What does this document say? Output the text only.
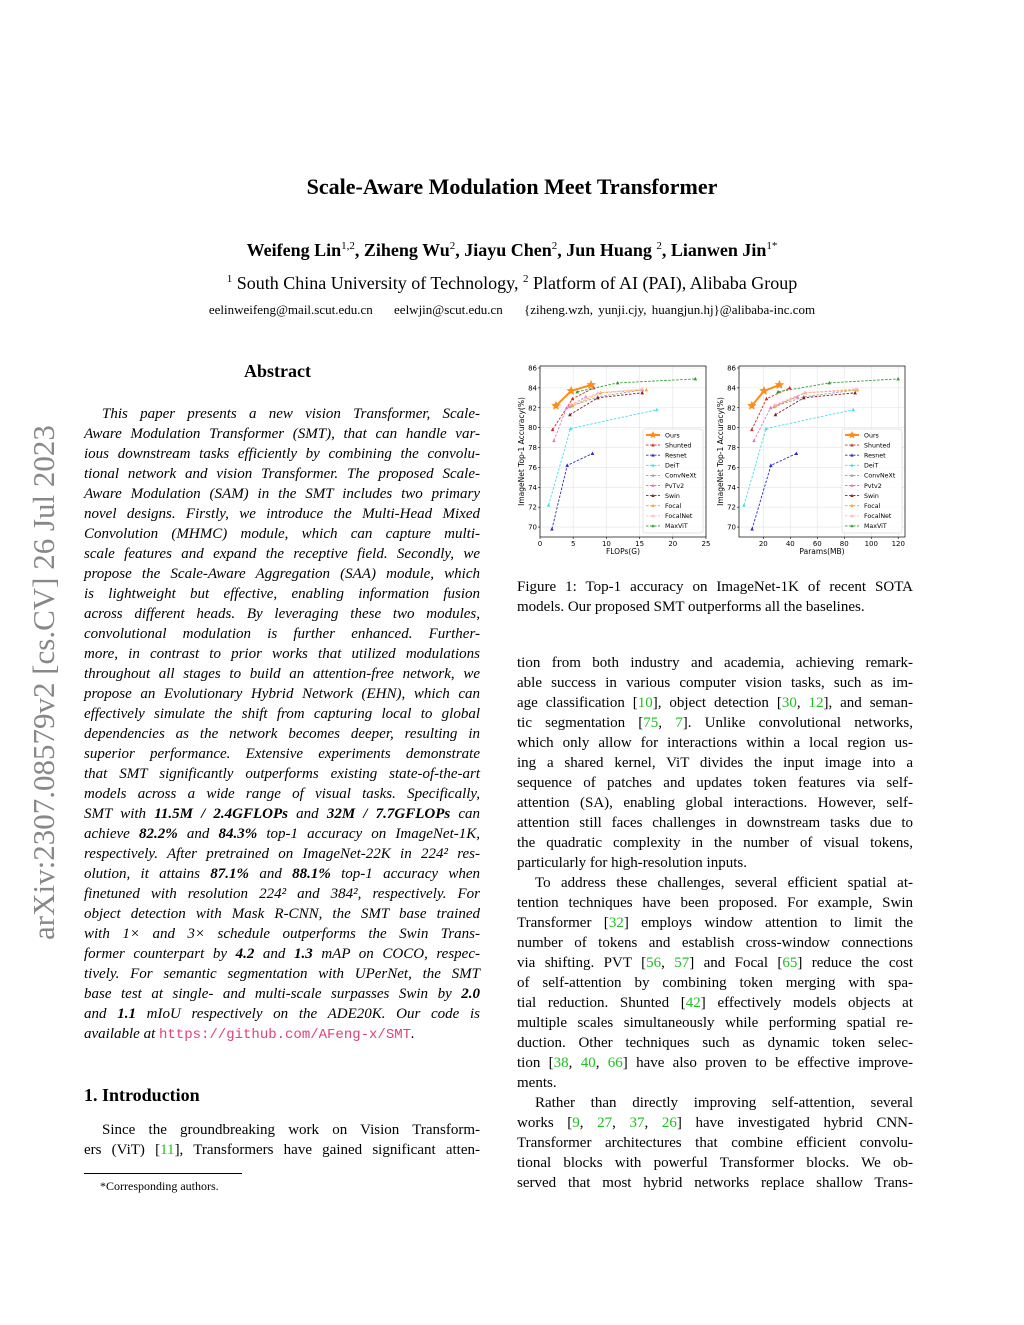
arXiv:2307.08579v2 [cs.CV] 26 Jul 2023
Scale-Aware Modulation Meet Transformer
Weifeng Lin$^{1,2}$, Ziheng Wu$^2$, Jiayu Chen$^2$, Jun Huang $^2$, Lianwen Jin$^{1*}$
$^1$ South China University of Technology, $^2$ Platform of AI (PAI), Alibaba Group
eelinweifeng@mail.scut.edu.cn eelwjin@scut.edu.cn {ziheng.wzh, yunji.cjy, huangjun.hj}@alibaba-inc.com
Abstract
This paper presents a new vision Transformer, Scale-
Aware Modulation Transformer (SMT), that can handle var-
ious downstream tasks efficiently by combining the convolu-
tional network and vision Transformer. The proposed Scale-
Aware Modulation (SAM) in the SMT includes two primary
novel designs. Firstly, we introduce the Multi-Head Mixed
Convolution (MHMC) module, which can capture multi-
scale features and expand the receptive field. Secondly, we
propose the Scale-Aware Aggregation (SAA) module, which
is lightweight but effective, enabling information fusion
across different heads. By leveraging these two modules,
convolutional modulation is further enhanced. Further-
more, in contrast to prior works that utilized modulations
throughout all stages to build an attention-free network, we
propose an Evolutionary Hybrid Network (EHN), which can
effectively simulate the shift from capturing local to global
dependencies as the network becomes deeper, resulting in
superior performance. Extensive experiments demonstrate
that SMT significantly outperforms existing state-of-the-art
models across a wide range of visual tasks. Specifically,
SMT with 11.5M / 2.4GFLOPs and 32M / 7.7GFLOPs can
achieve 82.2% and 84.3% top-1 accuracy on ImageNet-1K,
respectively. After pretrained on ImageNet-22K in 224² res-
olution, it attains 87.1% and 88.1% top-1 accuracy when
finetuned with resolution 224² and 384², respectively. For
object detection with Mask R-CNN, the SMT base trained
with 1× and 3× schedule outperforms the Swin Trans-
former counterpart by 4.2 and 1.3 mAP on COCO, respec-
tively. For semantic segmentation with UPerNet, the SMT
base test at single- and multi-scale surpasses Swin by 2.0
and 1.1 mIoU respectively on the ADE20K. Our code is
available at https://github.com/AFeng-x/SMT.
1. Introduction
Since the groundbreaking work on Vision Transform-
ers (ViT) [11], Transformers have gained significant atten-
*Corresponding authors.
0	5	10	15	20	25
70
72
74
76
78
80
82
84
86
FLOPs(G)
ImageNet Top-1 Accuracy(%)	Ours
Shunted
Resnet
DeiT
ConvNeXt
PvTv2
Swin
Focal
FocalNet
MaxViT
20	40	60	80 100 120
70
72
74
76
78
80
82
84
86
Params(MB)
ImageNet Top-1 Accuracy(%)	Ours
Shunted
Resnet
DeiT
ConvNeXt
Pvtv2
Swin
Focal
FocalNet
MaxViT
Figure 1: Top-1 accuracy on ImageNet-1K of recent SOTA
models. Our proposed SMT outperforms all the baselines.
tion from both industry and academia, achieving remark-
able success in various computer vision tasks, such as im-
age classification [10], object detection [30, 12], and seman-
tic segmentation [75, 7]. Unlike convolutional networks,
which only allow for interactions within a local region us-
ing a shared kernel, ViT divides the input image into a
sequence of patches and updates token features via self-
attention (SA), enabling global interactions. However, self-
attention still faces challenges in downstream tasks due to
the quadratic complexity in the number of visual tokens,
particularly for high-resolution inputs.
To address these challenges, several efficient spatial at-
tention techniques have been proposed. For example, Swin
Transformer [32] employs window attention to limit the
number of tokens and establish cross-window connections
via shifting. PVT [56, 57] and Focal [65] reduce the cost
of self-attention by combining token merging with spa-
tial reduction. Shunted [42] effectively models objects at
multiple scales simultaneously while performing spatial re-
duction. Other techniques such as dynamic token selec-
tion [38, 40, 66] have also proven to be effective improve-
ments.
Rather than directly improving self-attention, several
works [9, 27, 37, 26] have investigated hybrid CNN-
Transformer architectures that combine efficient convolu-
tional blocks with powerful Transformer blocks. We ob-
served that most hybrid networks replace shallow Trans-
